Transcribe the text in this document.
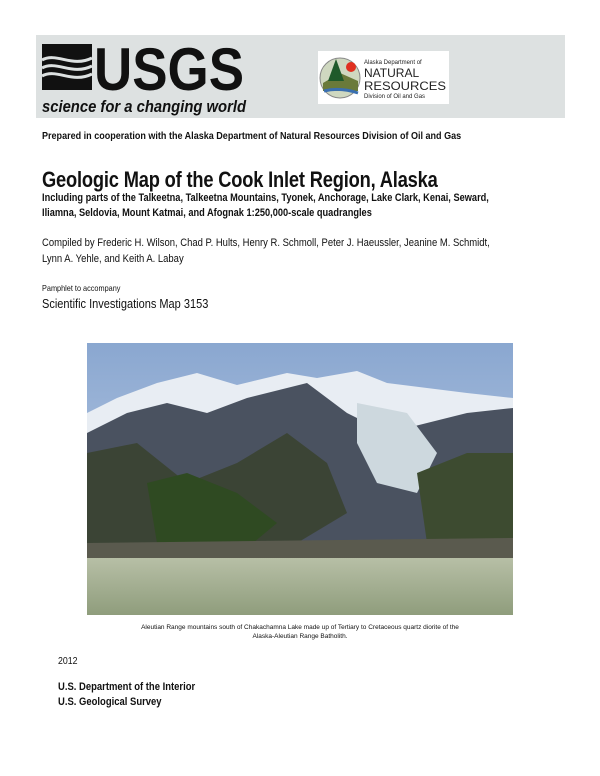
USGS
science for a changing world
Alaska Department of
NATURAL
RESOURCES
Division of Oil and Gas
Prepared in cooperation with the Alaska Department of Natural Resources Division of Oil and Gas
Geologic Map of the Cook Inlet Region, Alaska
Including parts of the Talkeetna, Talkeetna Mountains, Tyonek, Anchorage, Lake Clark, Kenai, Seward,
Iliamna, Seldovia, Mount Katmai, and Afognak 1:250,000-scale quadrangles
Compiled by Frederic H. Wilson, Chad P. Hults, Henry R. Schmoll, Peter J. Haeussler, Jeanine M. Schmidt,
Lynn A. Yehle, and Keith A. Labay
Pamphlet to accompany
Scientific Investigations Map 3153
Aleutian Range mountains south of Chakachamna Lake made up of Tertiary to Cretaceous quartz diorite of the
Alaska-Aleutian Range Batholith.
2012
U.S. Department of the Interior
U.S. Geological Survey
